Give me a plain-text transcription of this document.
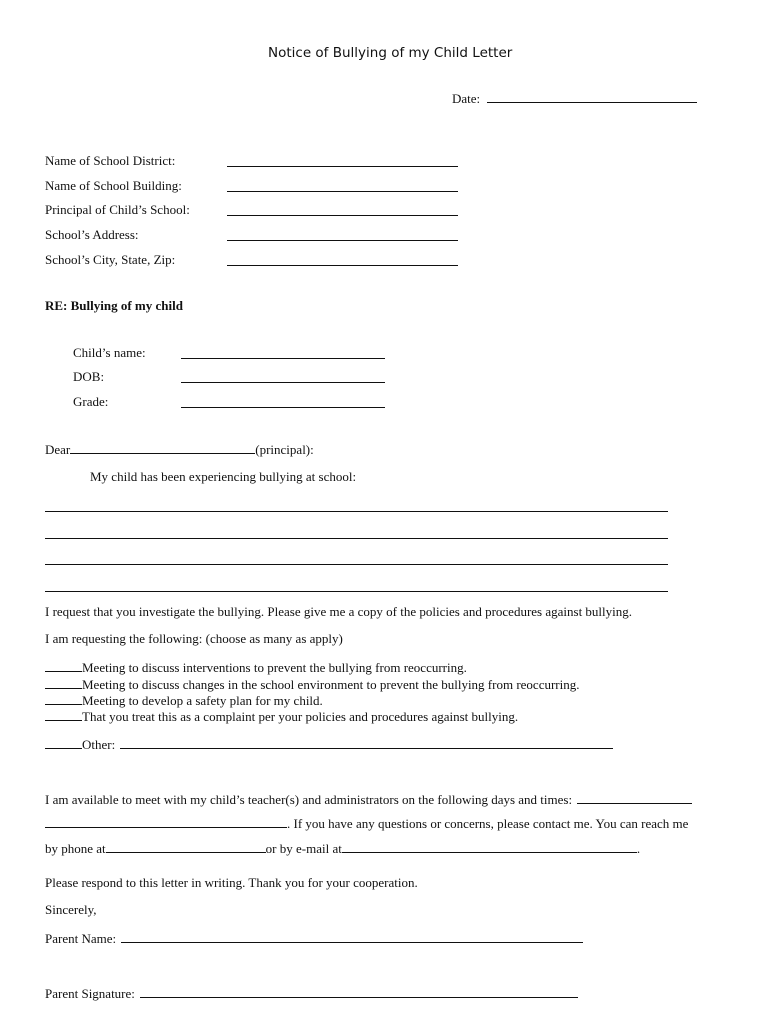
Notice of Bullying of my Child Letter
Date:
Name of School District:
Name of School Building:
Principal of Child’s School:
School’s Address:
School’s City, State, Zip:
RE: Bullying of my child
Child’s name:
DOB:
Grade:
Dear	(principal):
My child has been experiencing bullying at school:
I request that you investigate the bullying. Please give me a copy of the policies and procedures against bullying.
I am requesting the following: (choose as many as apply)
Meeting to discuss interventions to prevent the bullying from reoccurring.
Meeting to discuss changes in the school environment to prevent the bullying from reoccurring.
Meeting to develop a safety plan for my child.
That you treat this as a complaint per your policies and procedures against bullying.
Other:
I am available to meet with my child’s teacher(s) and administrators on the following days and times:
. If you have any questions or concerns, please contact me. You can reach me
by phone at	or by e-mail at	.
Please respond to this letter in writing. Thank you for your cooperation.
Sincerely,
Parent Name:
Parent Signature:
